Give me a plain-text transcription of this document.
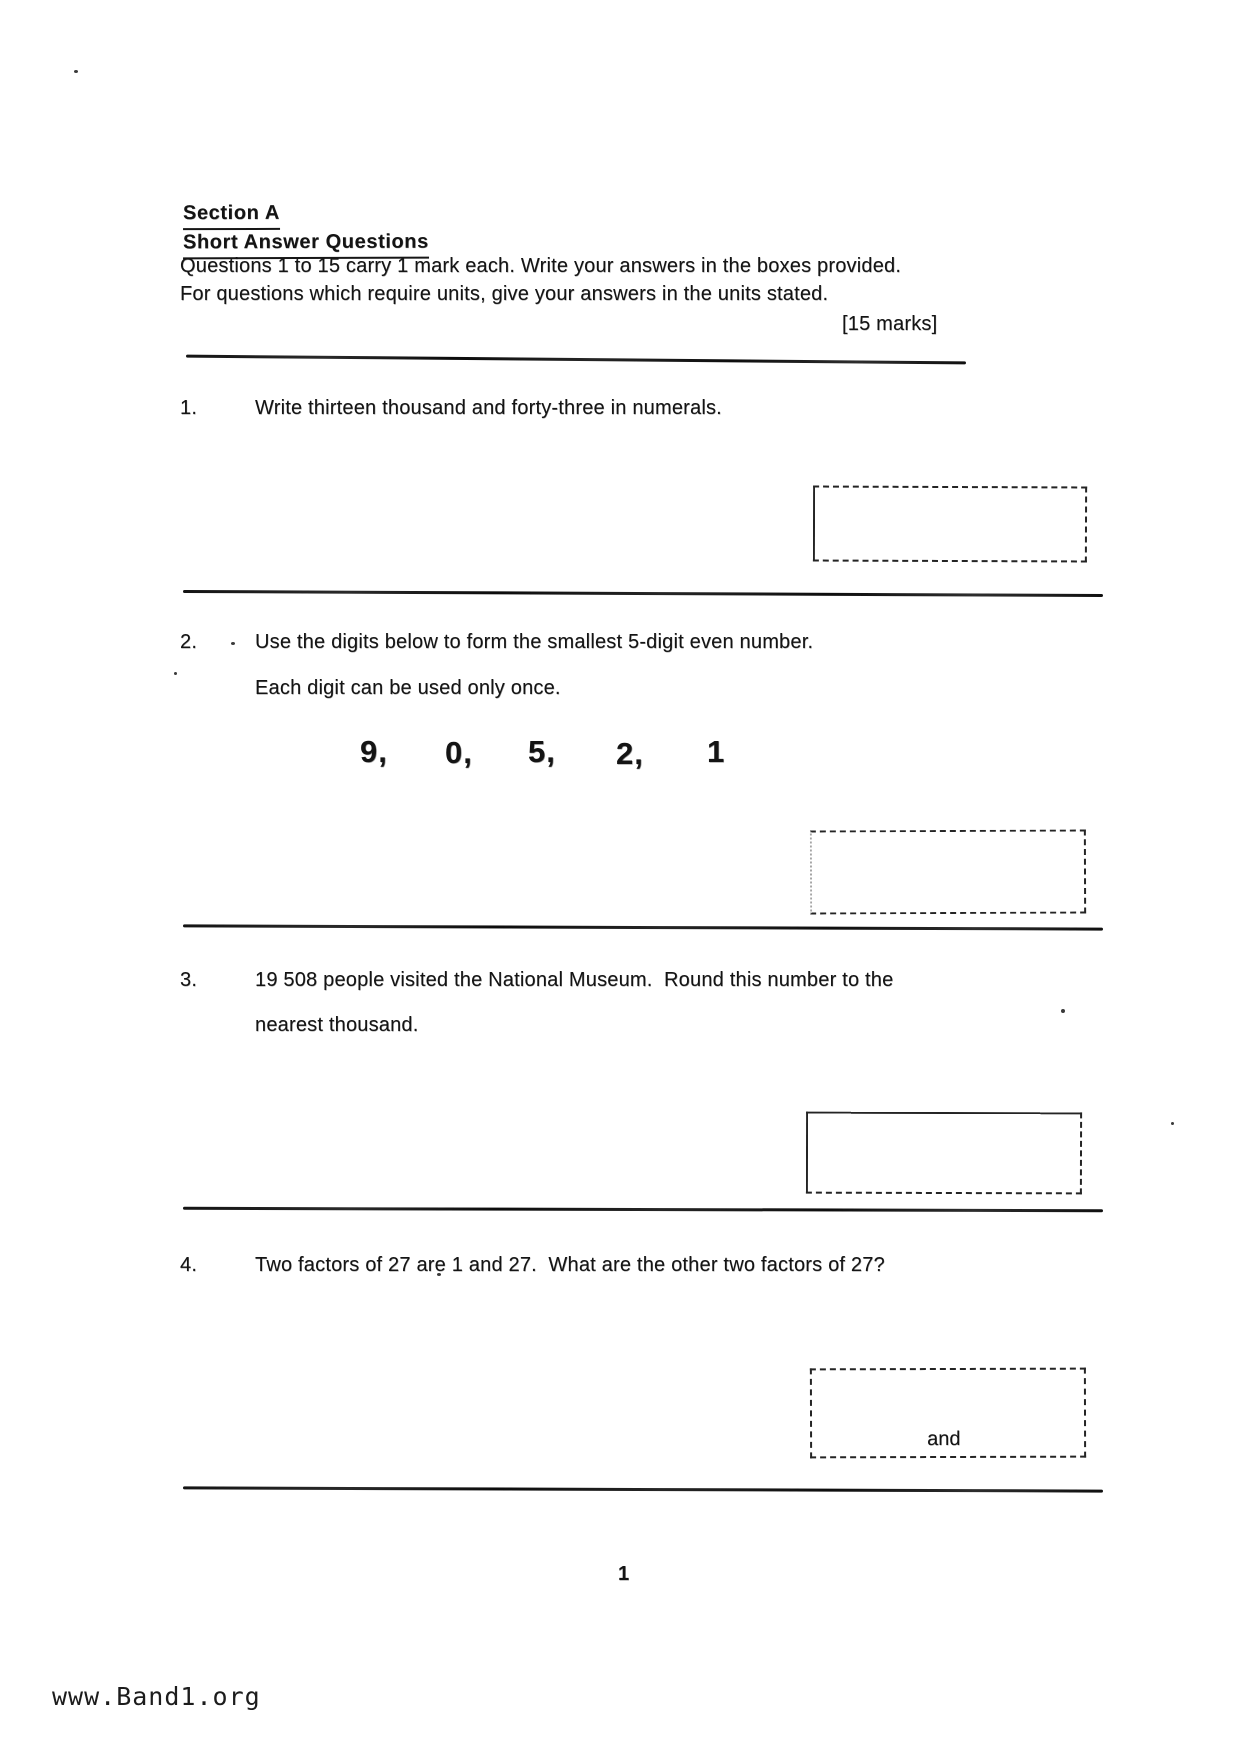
Section A
Short Answer Questions
Questions 1 to 15 carry 1 mark each. Write your answers in the boxes provided.
For questions which require units, give your answers in the units stated.
[15 marks]
1.	Write thirteen thousand and forty-three in numerals.
2.	Use the digits below to form the smallest 5-digit even number.
Each digit can be used only once.
9, 0, 5, 2, 1
3.	19 508 people visited the National Museum.  Round this number to the
nearest thousand.
4.	Two factors of 27 are 1 and 27.  What are the other two factors of 27?
and
1
www.Band1.org
